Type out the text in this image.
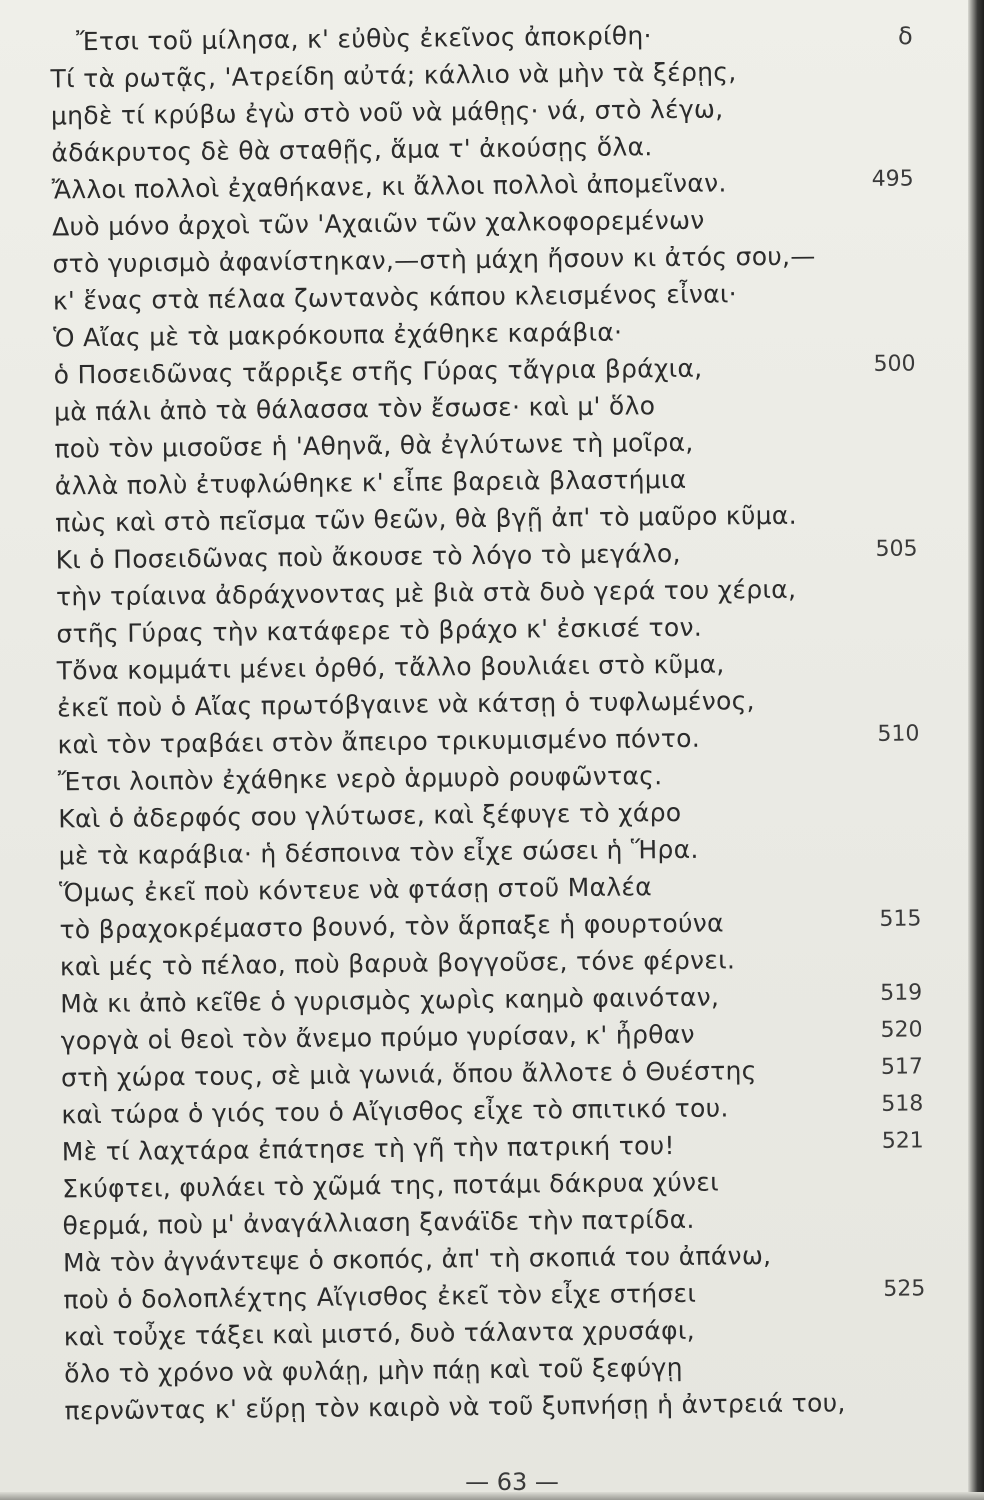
δ
Ἔτσι τοῦ μίλησα, κ' εὐθὺς ἐκεῖνος ἀποκρίθη·
Τί τὰ ρωτᾷς, 'Ατρείδη αὐτά; κάλλιο νὰ μὴν τὰ ξέρῃς,
μηδὲ τί κρύβω ἐγὼ στὸ νοῦ νὰ μάθῃς· νά, στὸ λέγω,
ἀδάκρυτος δὲ θὰ σταθῇς, ἅμα τ' ἀκούσῃς ὅλα.
Ἄλλοι πολλοὶ ἐχαθήκανε, κι ἄλλοι πολλοὶ ἀπομεῖναν.	495
Δυὸ μόνο ἀρχοὶ τῶν 'Αχαιῶν τῶν χαλκοφορεμένων
στὸ γυρισμὸ ἀφανίστηκαν,—στὴ μάχη ἤσουν κι ἀτός σου,—
κ' ἕνας στὰ πέλαα ζωντανὸς κάπου κλεισμένος εἶναι·
Ὁ Αἴας μὲ τὰ μακρόκουπα ἐχάθηκε καράβια·
ὁ Ποσειδῶνας τἄρριξε στῆς Γύρας τἄγρια βράχια,	500
μὰ πάλι ἀπὸ τὰ θάλασσα τὸν ἔσωσε· καὶ μ' ὅλο
ποὺ τὸν μισοῦσε ἡ 'Αθηνᾶ, θὰ ἐγλύτωνε τὴ μοῖρα,
ἀλλὰ πολὺ ἐτυφλώθηκε κ' εἶπε βαρειὰ βλαστήμια
πὼς καὶ στὸ πεῖσμα τῶν θεῶν, θὰ βγῇ ἀπ' τὸ μαῦρο κῦμα.
Κι ὁ Ποσειδῶνας ποὺ ἄκουσε τὸ λόγο τὸ μεγάλο,	505
τὴν τρίαινα ἀδράχνοντας μὲ βιὰ στὰ δυὸ γερά του χέρια,
στῆς Γύρας τὴν κατάφερε τὸ βράχο κ' ἐσκισέ τον.
Τὄνα κομμάτι μένει ὀρθό, τἄλλο βουλιάει στὸ κῦμα,
ἐκεῖ ποὺ ὁ Αἴας πρωτόβγαινε νὰ κάτσῃ ὁ τυφλωμένος,
καὶ τὸν τραβάει στὸν ἄπειρο τρικυμισμένο πόντο.	510
Ἔτσι λοιπὸν ἐχάθηκε νερὸ ἁρμυρὸ ρουφῶντας.
Καὶ ὁ ἀδερφός σου γλύτωσε, καὶ ξέφυγε τὸ χάρο
μὲ τὰ καράβια· ἡ δέσποινα τὸν εἶχε σώσει ἡ Ἥρα.
Ὅμως ἐκεῖ ποὺ κόντευε νὰ φτάσῃ στοῦ Μαλέα
τὸ βραχοκρέμαστο βουνό, τὸν ἅρπαξε ἡ φουρτούνα	515
καὶ μές τὸ πέλαο, ποὺ βαρυὰ βογγοῦσε, τόνε φέρνει.
Μὰ κι ἀπὸ κεῖθε ὁ γυρισμὸς χωρὶς καημὸ φαινόταν,	519
γοργὰ οἱ θεοὶ τὸν ἄνεμο πρύμο γυρίσαν, κ' ἦρθαν	520
στὴ χώρα τους, σὲ μιὰ γωνιά, ὅπου ἄλλοτε ὁ Θυέστης	517
καὶ τώρα ὁ γιός του ὁ Αἴγισθος εἶχε τὸ σπιτικό του.	518
Μὲ τί λαχτάρα ἐπάτησε τὴ γῆ τὴν πατρική του!	521
Σκύφτει, φυλάει τὸ χῶμά της, ποτάμι δάκρυα χύνει
θερμά, ποὺ μ' ἀναγάλλιαση ξανάϊδε τὴν πατρίδα.
Μὰ τὸν ἀγνάντεψε ὁ σκοπός, ἀπ' τὴ σκοπιά του ἀπάνω,
ποὺ ὁ δολοπλέχτης Αἴγισθος ἐκεῖ τὸν εἶχε στήσει	525
καὶ τοὖχε τάξει καὶ μιστό, δυὸ τάλαντα χρυσάφι,
ὅλο τὸ χρόνο νὰ φυλάῃ, μὴν πάῃ καὶ τοῦ ξεφύγῃ
περνῶντας κ' εὕρῃ τὸν καιρὸ νὰ τοῦ ξυπνήσῃ ἡ ἀντρειά του,
— 63 —
